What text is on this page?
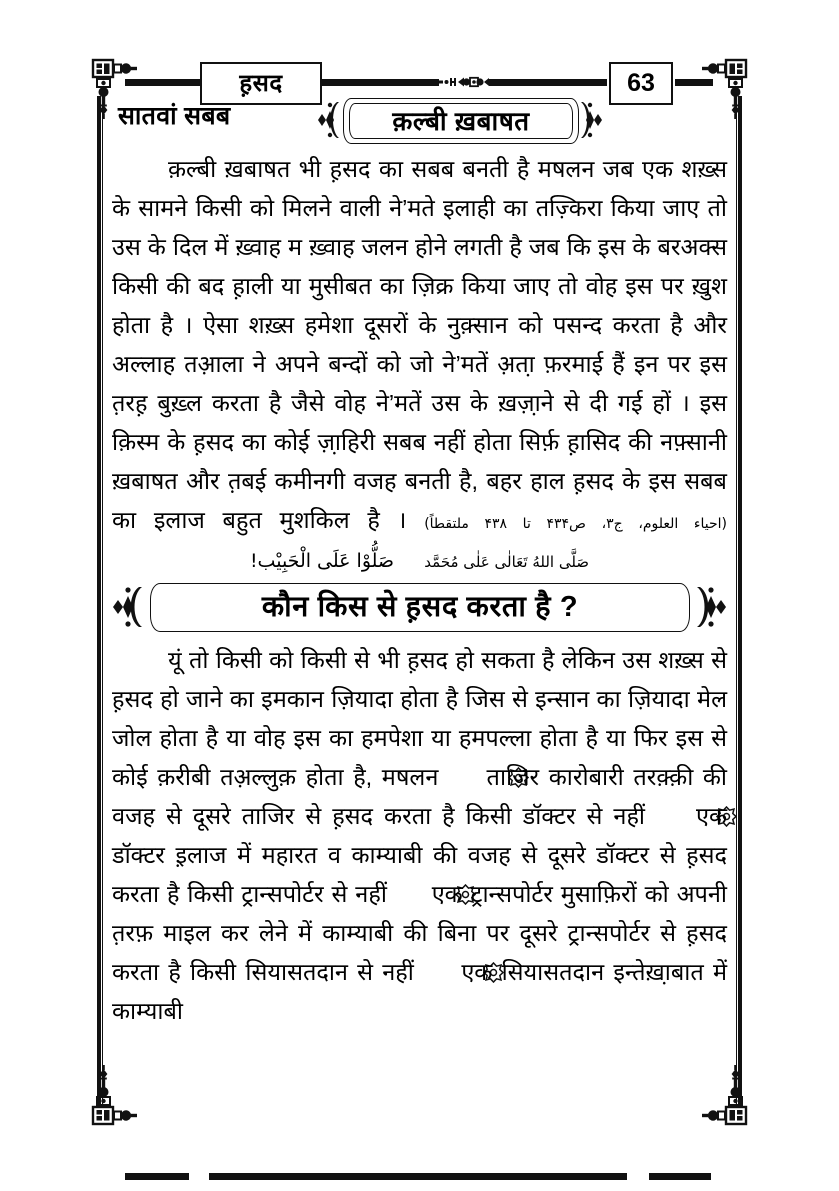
ह़सद	63
सातवां सबब	क़ल्बी ख़बाषत
क़ल्बी ख़बाषत भी ह़सद का सबब बनती है मषलन जब एक शख़्स के सामने किसी को मिलने वाली ने’मते इलाही का तज़्किरा किया जाए तो उस के दिल में ख़्वाह म ख़्वाह जलन होने लगती है जब कि इस के बरअक्स किसी की बद ह़ाली या मुसीबत का ज़िक्र किया जाए तो वोह इस पर ख़ुश होता है । ऐसा शख़्स हमेशा दूसरों के नुक़्सान को पसन्द करता है और अल्लाह तआ़ला ने अपने बन्दों को जो ने’मतें अ़ता़ फ़रमाई हैं इन पर इस त़रह़ बुख़्ल करता है जैसे वोह ने’मतें उस के ख़ज़ा़ने से दी गई हों । इस क़िस्म के ह़सद का कोई ज़ा़हिरी सबब नहीं होता सिर्फ़ ह़ासिद की नफ़्सानी ख़बाषत और त़बई कमीनगी वजह बनती है, बहर हाल ह़सद के इस सबब का इलाज बहुत मुशकिल है । (احیاء العلوم، ج۳، ص۴۳۴ تا ۴۳۸ ملتقطاً)
صَلَّى اللهُ تَعَالٰى عَلٰى مُحَمَّد     صَلُّوْا عَلَى الْحَبِيْب!
कौन किस से ह़सद करता है ?
यूं तो किसी को किसी से भी ह़सद हो सकता है लेकिन उस शख़्स से ह़सद हो जाने का इमकान ज़ियादा होता है जिस से इन्सान का ज़ियादा मेल जोल होता है या वोह इस का हमपेशा या हमपल्ला होता है या फिर इस से कोई क़रीबी तअ़ल्लुक़ होता है, मषलन ताजिर कारोबारी तरक़्क़ी की वजह से दूसरे ताजिर से ह़सद करता है किसी डॉक्टर से नहीं एक डॉक्टर इ़लाज में महारत व काम्याबी की वजह से दूसरे डॉक्टर से ह़सद करता है किसी ट्रान्सपोर्टर से नहीं एक ट्रान्सपोर्टर मुसाफ़िरों को अपनी त़रफ़ माइल कर लेने में काम्याबी की बिना पर दूसरे ट्रान्सपोर्टर से ह़सद करता है किसी सियासतदान से नहीं एक सियासतदान इन्तेख़ा़बात में काम्याबी
